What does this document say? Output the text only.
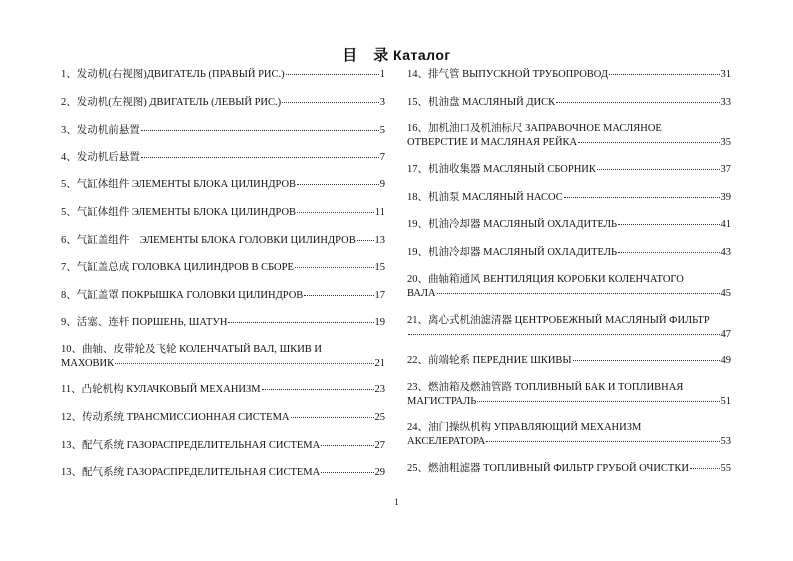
目　录 Каталог
1、发动机(右视图)ДВИГАТЕЛЬ (ПРАВЫЙ РИС.)	1
2、发动机(左视图) ДВИГАТЕЛЬ (ЛЕВЫЙ РИС.)	3
3、发动机前悬置	5
4、发动机后悬置	7
5、气缸体组件 ЭЛЕМЕНТЫ БЛОКА ЦИЛИНДРОВ	9
5、气缸体组件 ЭЛЕМЕНТЫ БЛОКА ЦИЛИНДРОВ	11
6、气缸盖组件　ЭЛЕМЕНТЫ БЛОКА ГОЛОВКИ ЦИЛИНДРОВ 13
7、气缸盖总成 ГОЛОВКА ЦИЛИНДРОВ В СБОРЕ	15
8、气缸盖罩 ПОКРЫШКА ГОЛОВКИ ЦИЛИНДРОВ	17
9、活塞、连杆 ПОРШЕНЬ, ШАТУН	19
10、曲轴、皮带轮及飞轮 КОЛЕНЧАТЫЙ ВАЛ, ШКИВ И
МАХОВИК	21
11、凸轮机构 КУЛАЧКОВЫЙ МЕХАНИЗМ	23
12、传动系统 ТРАНСМИССИОННАЯ СИСТЕМА	25
13、配气系统 ГАЗОРАСПРЕДЕЛИТЕЛЬНАЯ СИСТЕМА	27
13、配气系统 ГАЗОРАСПРЕДЕЛИТЕЛЬНАЯ СИСТЕМА	29
14、排气管 ВЫПУСКНОЙ ТРУБОПРОВОД	31
15、机油盘 МАСЛЯНЫЙ ДИСК	33
16、加机油口及机油标尺 ЗАПРАВОЧНОЕ МАСЛЯНОЕ
ОТВЕРСТИЕ И МАСЛЯНАЯ РЕЙКА	35
17、机油收集器 МАСЛЯНЫЙ СБОРНИК	37
18、机油泵 МАСЛЯНЫЙ НАСОС	39
19、机油冷却器 МАСЛЯНЫЙ ОХЛАДИТЕЛЬ	41
19、机油冷却器 МАСЛЯНЫЙ ОХЛАДИТЕЛЬ	43
20、曲轴箱通风 ВЕНТИЛЯЦИЯ КОРОБКИ КОЛЕНЧАТОГО
ВАЛА	45
21、离心式机油滤清器 ЦЕНТРОБЕЖНЫЙ МАСЛЯНЫЙ ФИЛЬТР
47
22、前端轮系 ПЕРЕДНИЕ ШКИВЫ	49
23、燃油箱及燃油管路 ТОПЛИВНЫЙ БАК И ТОПЛИВНАЯ
МАГИСТРАЛЬ	51
24、油门操纵机构 УПРАВЛЯЮЩИЙ МЕХАНИЗМ
АКСЕЛЕРАТОРА	53
25、燃油粗滤器 ТОПЛИВНЫЙ ФИЛЬТР ГРУБОЙ ОЧИСТКИ	55
1
